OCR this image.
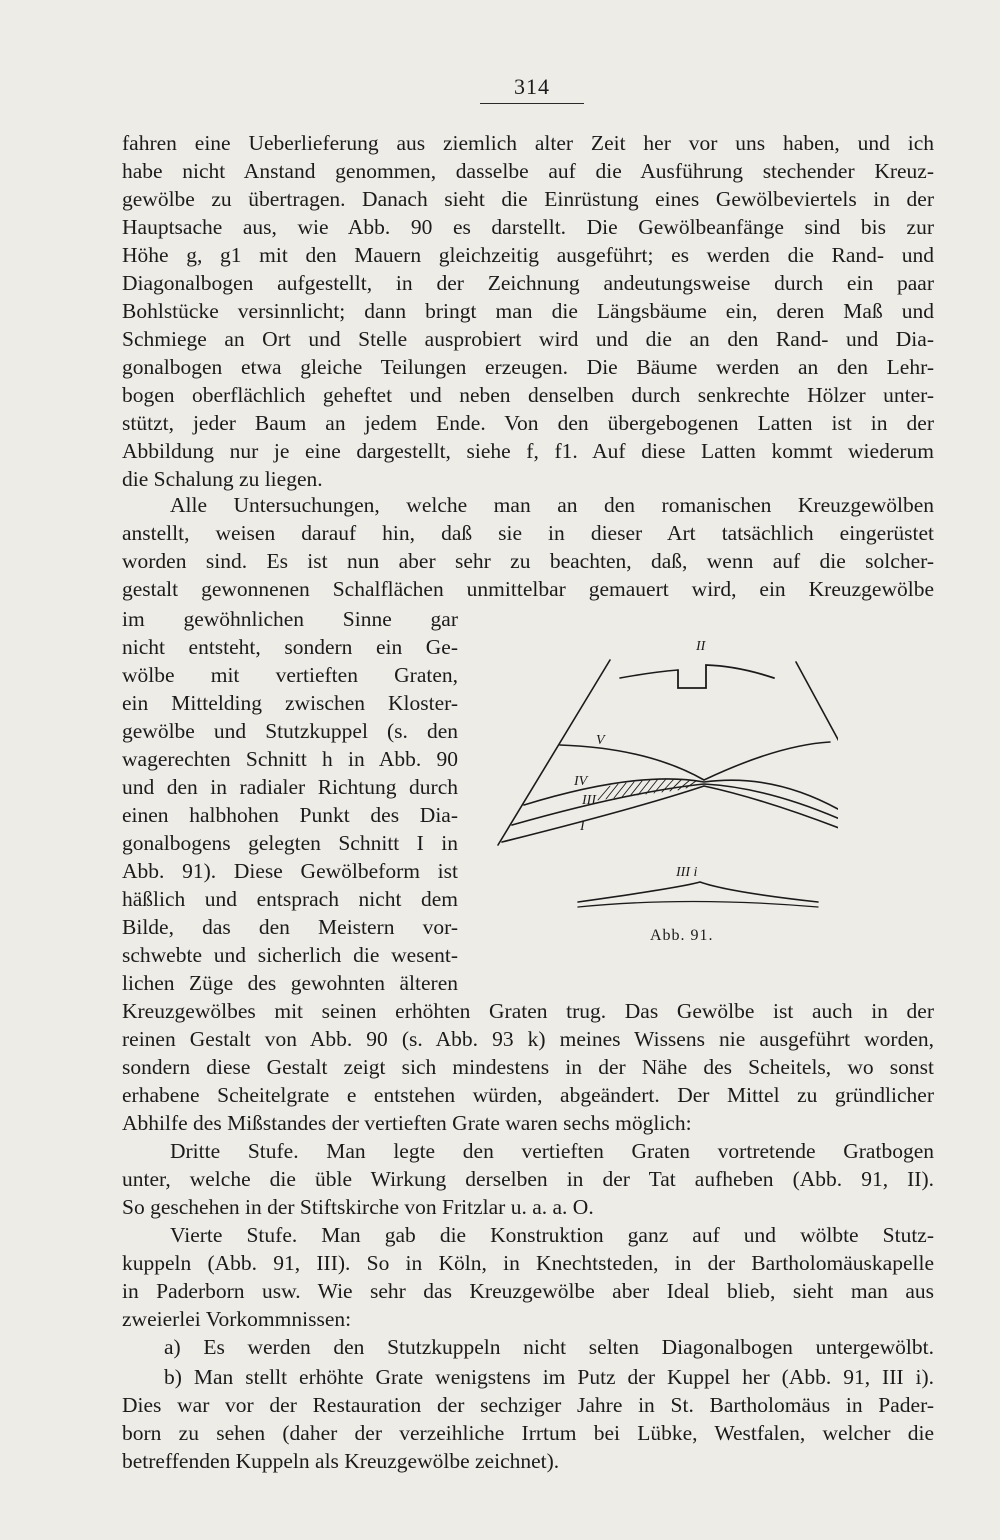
314
fahren eine Ueberlieferung aus ziemlich alter Zeit her vor uns haben, und ich
habe nicht Anstand genommen, dasselbe auf die Ausführung stechender Kreuz-
gewölbe zu übertragen. Danach sieht die Einrüstung eines Gewölbeviertels in der
Hauptsache aus, wie Abb. 90 es darstellt. Die Gewölbeanfänge sind bis zur
Höhe g, g1 mit den Mauern gleichzeitig ausgeführt; es werden die Rand- und
Diagonalbogen aufgestellt, in der Zeichnung andeutungsweise durch ein paar
Bohlstücke versinnlicht; dann bringt man die Längsbäume ein, deren Maß und
Schmiege an Ort und Stelle ausprobiert wird und die an den Rand- und Dia-
gonalbogen etwa gleiche Teilungen erzeugen. Die Bäume werden an den Lehr-
bogen oberflächlich geheftet und neben denselben durch senkrechte Hölzer unter-
stützt, jeder Baum an jedem Ende. Von den übergebogenen Latten ist in der
Abbildung nur je eine dargestellt, siehe f, f1. Auf diese Latten kommt wiederum
die Schalung zu liegen.
Alle Untersuchungen, welche man an den romanischen Kreuzgewölben
anstellt, weisen darauf hin, daß sie in dieser Art tatsächlich eingerüstet
worden sind. Es ist nun aber sehr zu beachten, daß, wenn auf die solcher-
gestalt gewonnenen Schalflächen unmittelbar gemauert wird, ein Kreuzgewölbe
im gewöhnlichen Sinne gar
nicht entsteht, sondern ein Ge-
wölbe mit vertieften Graten,
ein Mittelding zwischen Kloster-
gewölbe und Stutzkuppel (s. den
wagerechten Schnitt h in Abb. 90
und den in radialer Richtung durch
einen halbhohen Punkt des Dia-
gonalbogens gelegten Schnitt I in
Abb. 91). Diese Gewölbeform ist
häßlich und entsprach nicht dem
Bilde, das den Meistern vor-
schwebte und sicherlich die wesent-
lichen Züge des gewohnten älteren
Kreuzgewölbes mit seinen erhöhten Graten trug. Das Gewölbe ist auch in der
reinen Gestalt von Abb. 90 (s. Abb. 93 k) meines Wissens nie ausgeführt worden,
sondern diese Gestalt zeigt sich mindestens in der Nähe des Scheitels, wo sonst
erhabene Scheitelgrate e entstehen würden, abgeändert. Der Mittel zu gründlicher
Abhilfe des Mißstandes der vertieften Grate waren sechs möglich:
Dritte Stufe. Man legte den vertieften Graten vortretende Gratbogen
unter, welche die üble Wirkung derselben in der Tat aufheben (Abb. 91, II).
So geschehen in der Stiftskirche von Fritzlar u. a. a. O.
Vierte Stufe. Man gab die Konstruktion ganz auf und wölbte Stutz-
kuppeln (Abb. 91, III). So in Köln, in Knechtsteden, in der Bartholomäuskapelle
in Paderborn usw. Wie sehr das Kreuzgewölbe aber Ideal blieb, sieht man aus
zweierlei Vorkommnissen:
a) Es werden den Stutzkuppeln nicht selten Diagonalbogen untergewölbt.
b) Man stellt erhöhte Grate wenigstens im Putz der Kuppel her (Abb. 91, III i).
Dies war vor der Restauration der sechziger Jahre in St. Bartholomäus in Pader-
born zu sehen (daher der verzeihliche Irrtum bei Lübke, Westfalen, welcher die
betreffenden Kuppeln als Kreuzgewölbe zeichnet).
II
V
IV
III
I
III i
Abb. 91.
